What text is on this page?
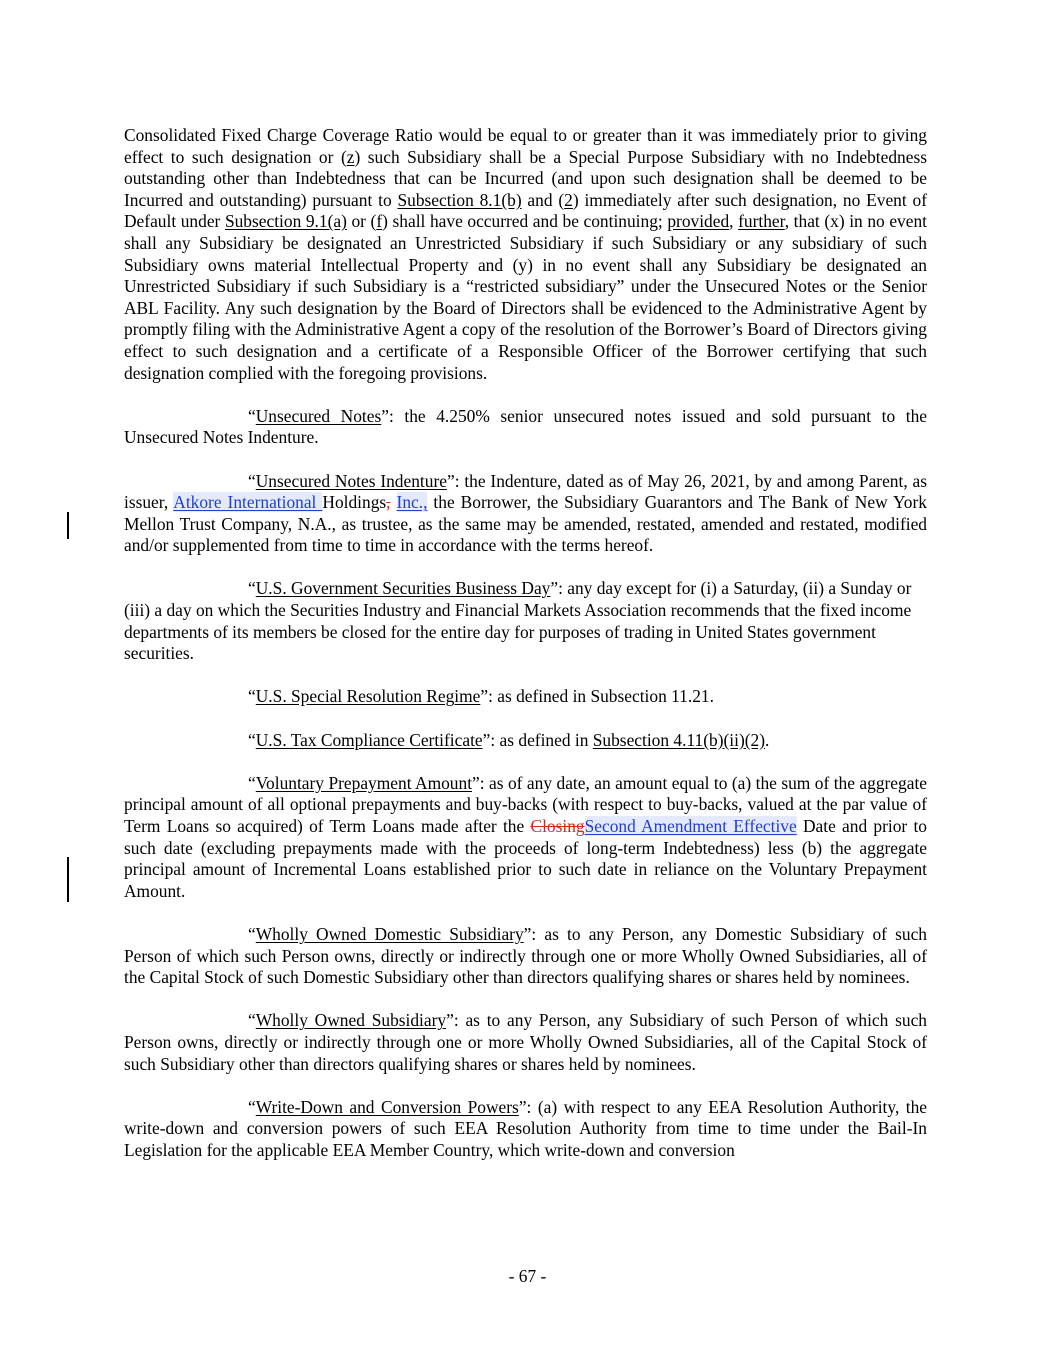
Consolidated Fixed Charge Coverage Ratio would be equal to or greater than it was immediately prior to giving effect to such designation or (z) such Subsidiary shall be a Special Purpose Subsidiary with no Indebtedness outstanding other than Indebtedness that can be Incurred (and upon such designation shall be deemed to be Incurred and outstanding) pursuant to Subsection 8.1(b) and (2) immediately after such designation, no Event of Default under Subsection 9.1(a) or (f) shall have occurred and be continuing; provided, further, that (x) in no event shall any Subsidiary be designated an Unrestricted Subsidiary if such Subsidiary or any subsidiary of such Subsidiary owns material Intellectual Property and (y) in no event shall any Subsidiary be designated an Unrestricted Subsidiary if such Subsidiary is a “restricted subsidiary” under the Unsecured Notes or the Senior ABL Facility. Any such designation by the Board of Directors shall be evidenced to the Administrative Agent by promptly filing with the Administrative Agent a copy of the resolution of the Borrower’s Board of Directors giving effect to such designation and a certificate of a Responsible Officer of the Borrower certifying that such designation complied with the foregoing provisions.

“Unsecured Notes”: the 4.250% senior unsecured notes issued and sold pursuant to the Unsecured Notes Indenture.

“Unsecured Notes Indenture”: the Indenture, dated as of May 26, 2021, by and among Parent, as issuer, Atkore International Holdings, Inc., the Borrower, the Subsidiary Guarantors and The Bank of New York Mellon Trust Company, N.A., as trustee, as the same may be amended, restated, amended and restated, modified and/or supplemented from time to time in accordance with the terms hereof.

“U.S. Government Securities Business Day”: any day except for (i) a Saturday, (ii) a Sunday or (iii) a day on which the Securities Industry and Financial Markets Association recommends that the fixed income departments of its members be closed for the entire day for purposes of trading in United States government securities.

“U.S. Special Resolution Regime”: as defined in Subsection 11.21.

“U.S. Tax Compliance Certificate”: as defined in Subsection 4.11(b)(ii)(2).

“Voluntary Prepayment Amount”: as of any date, an amount equal to (a) the sum of the aggregate principal amount of all optional prepayments and buy-backs (with respect to buy-backs, valued at the par value of Term Loans so acquired) of Term Loans made after the ClosingSecond Amendment Effective Date and prior to such date (excluding prepayments made with the proceeds of long-term Indebtedness) less (b) the aggregate principal amount of Incremental Loans established prior to such date in reliance on the Voluntary Prepayment Amount.

“Wholly Owned Domestic Subsidiary”: as to any Person, any Domestic Subsidiary of such Person of which such Person owns, directly or indirectly through one or more Wholly Owned Subsidiaries, all of the Capital Stock of such Domestic Subsidiary other than directors qualifying shares or shares held by nominees.

“Wholly Owned Subsidiary”: as to any Person, any Subsidiary of such Person of which such Person owns, directly or indirectly through one or more Wholly Owned Subsidiaries, all of the Capital Stock of such Subsidiary other than directors qualifying shares or shares held by nominees.

“Write-Down and Conversion Powers”: (a) with respect to any EEA Resolution Authority, the write-down and conversion powers of such EEA Resolution Authority from time to time under the Bail-In Legislation for the applicable EEA Member Country, which write-down and conversion

- 67 -
